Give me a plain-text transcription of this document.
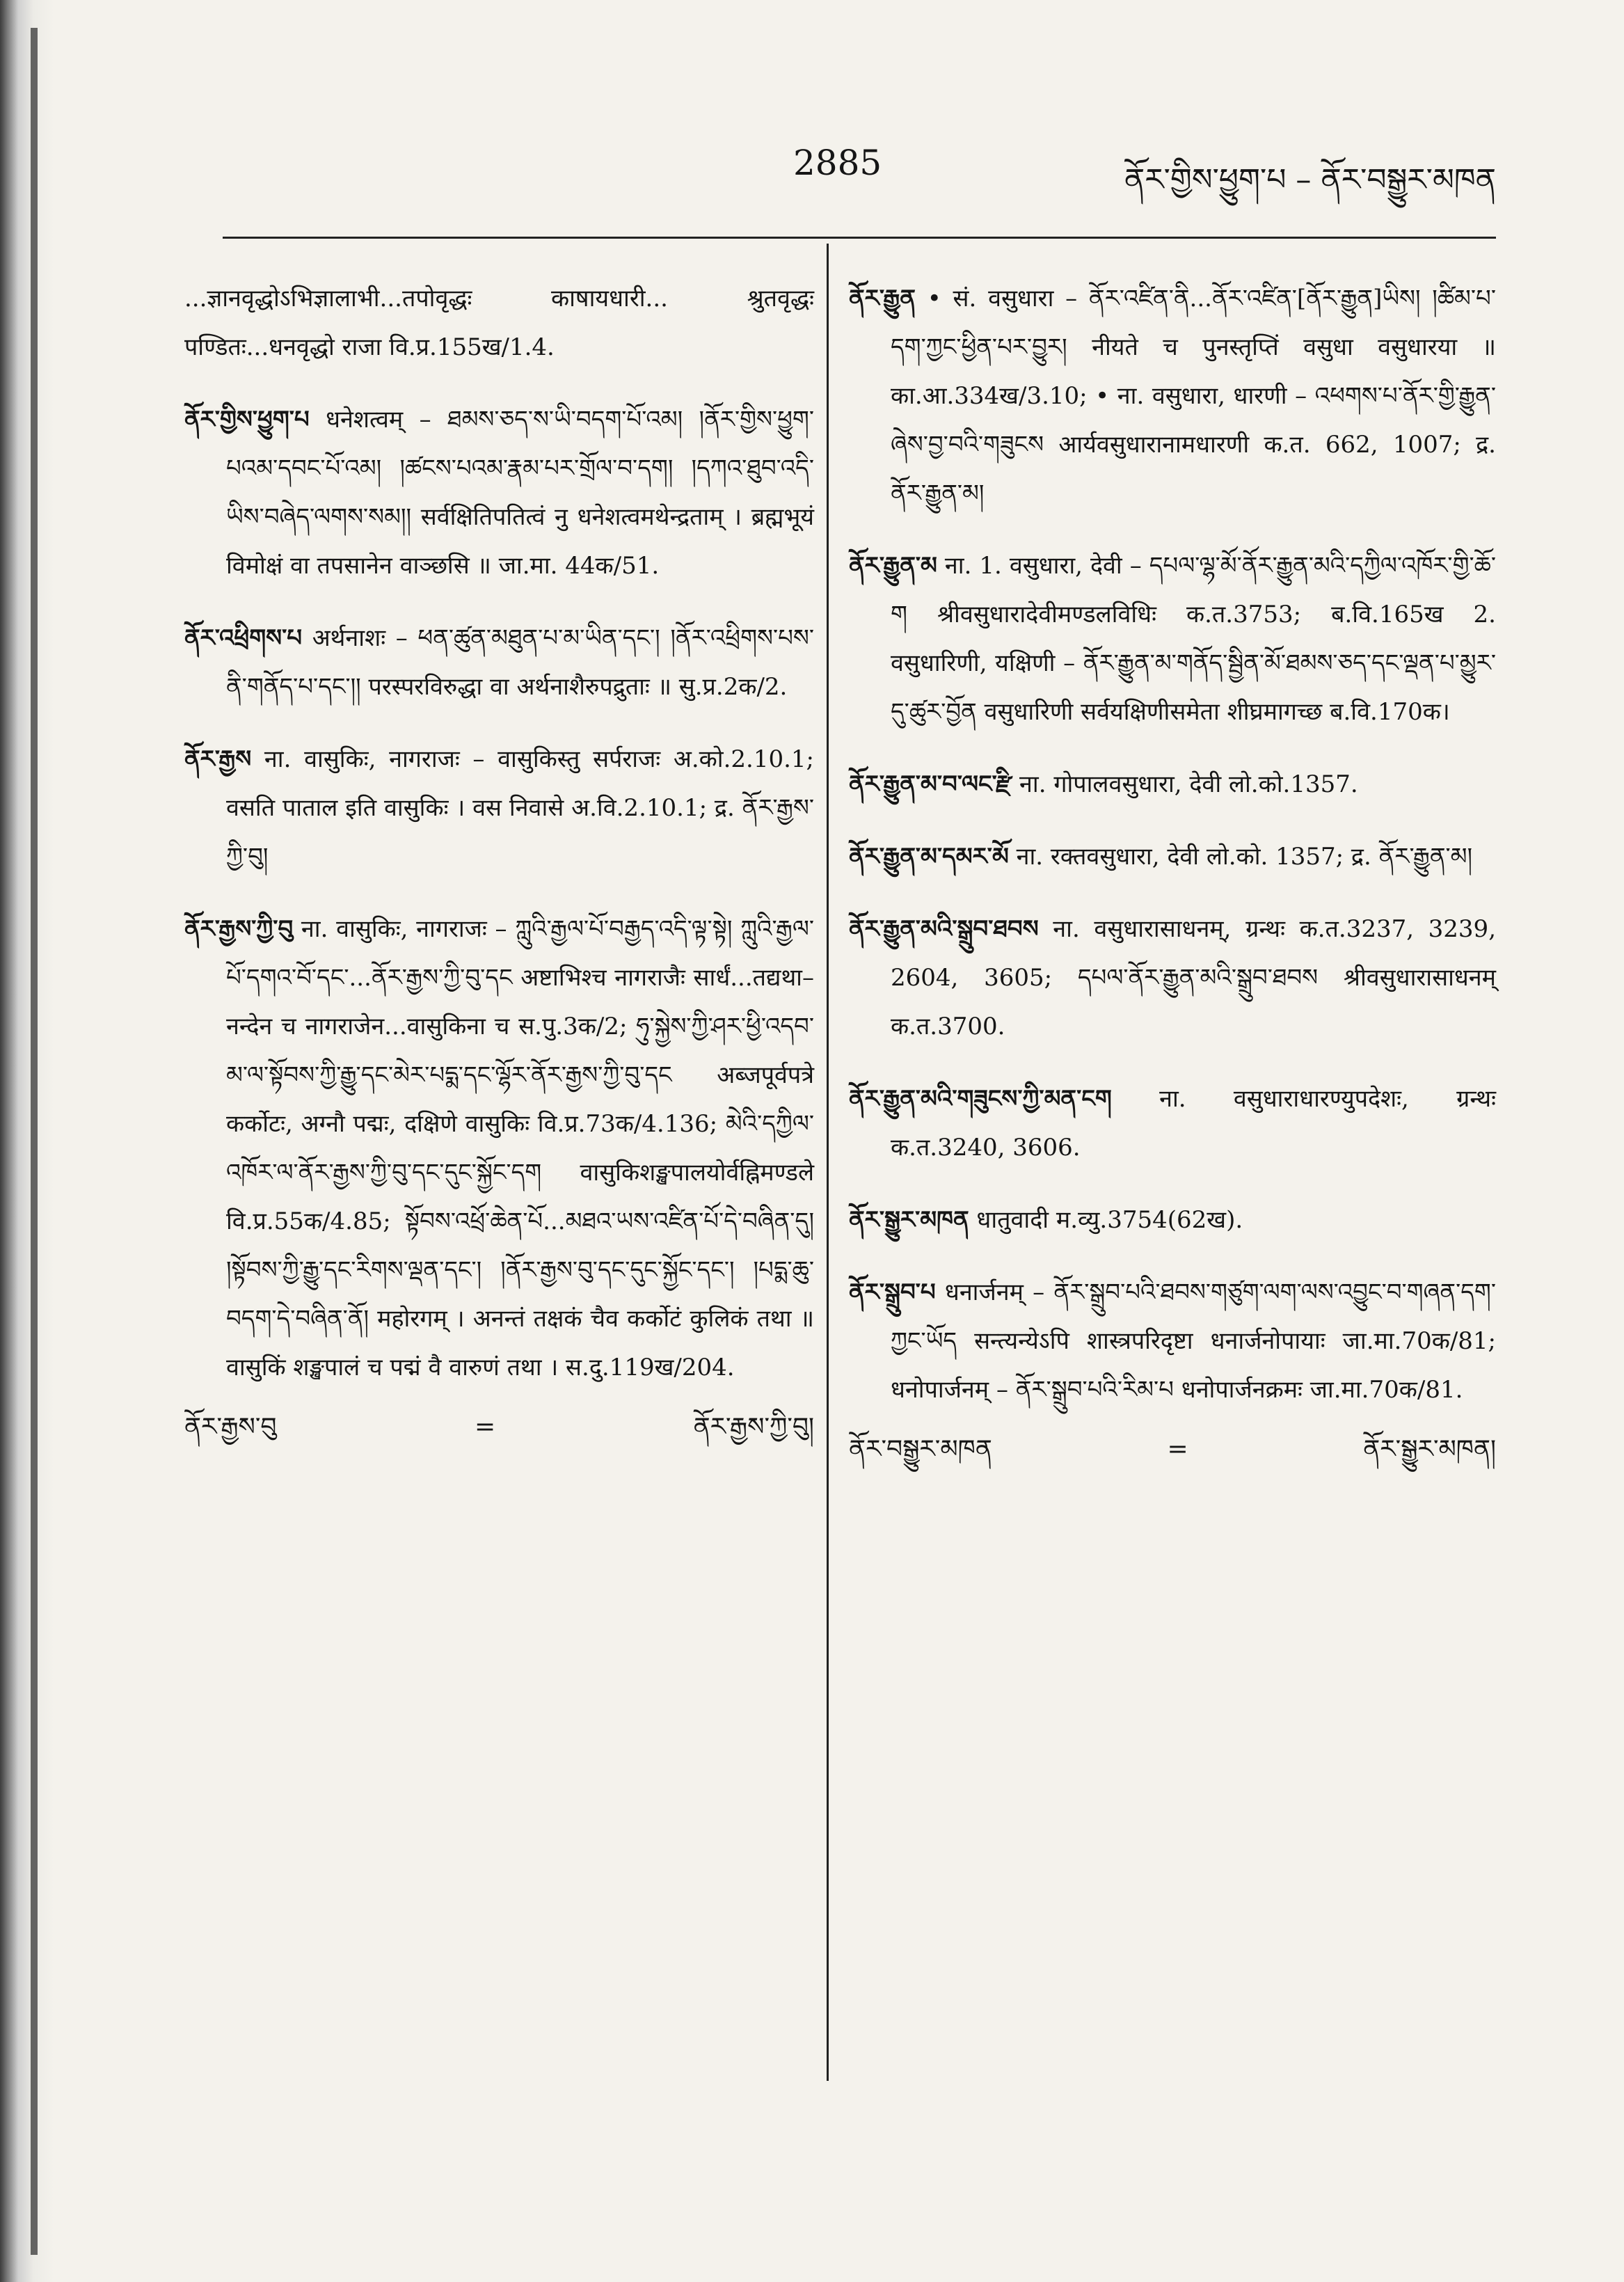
2885	ནོར་གྱིས་ཕྱུག་པ – ནོར་བསྒྱུར་མཁན

...ज्ञानवृद्धोऽभिज्ञालाभी...तपोवृद्धः काषायधारी... श्रुतवृद्धः पण्डितः...धनवृद्धो राजा वि.प्र.155ख/1.4.

ནོར་གྱིས་ཕྱུག་པ धनेशत्वम् – ཐམས་ཅད་ས་ཡི་བདག་པོ་འམ། །ནོར་གྱིས་ཕྱུག་པའམ་དབང་པོ་འམ། །ཚངས་པའམ་རྣམ་པར་གྲོལ་བ་དག། །དཀའ་ཐུབ་འདི་ཡིས་བཞེད་ལགས་སམ།། सर्वक्षितिपतित्वं नु धनेशत्वमथेन्द्रताम् । ब्रह्मभूयं विमोक्षं वा तपसानेन वाञ्छसि ॥ जा.मा. 44क/51.

ནོར་འཕྲིགས་པ अर्थनाशः – ཕན་ཚུན་མཐུན་པ་མ་ཡིན་དང་། །ནོར་འཕྲིགས་པས་ནི་གནོད་པ་དང་།། परस्परविरुद्धा वा अर्थनाशैरुपद्रुताः ॥ सु.प्र.2क/2.

ནོར་རྒྱས ना. वासुकिः, नागराजः – वासुकिस्तु सर्पराजः अ.को.2.10.1; वसति पाताल इति वासुकिः । वस निवासे अ.वि.2.10.1; द्र. ནོར་རྒྱས་ཀྱི་བུ།

ནོར་རྒྱས་ཀྱི་བུ ना. वासुकिः, नागराजः – ཀླུའི་རྒྱལ་པོ་བརྒྱད་འདི་ལྟ་སྟེ། ཀླུའི་རྒྱལ་པོ་དགའ་བོ་དང་...ནོར་རྒྱས་ཀྱི་བུ་དང अष्टाभिश्च नागराजैः सार्धं...तद्यथा–नन्देन च नागराजेन...वासुकिना च स.पु.3क/2; ཧུ་སྐྱེས་ཀྱི་ཤར་ཕྱི་འདབ་མ་ལ་སྟོབས་ཀྱི་རྒྱུ་དང་མེར་པདྨ་དང་ལྷོར་ནོར་རྒྱས་ཀྱི་བུ་དང अब्जपूर्वपत्रे कर्कोटः, अग्नौ पद्मः, दक्षिणे वासुकिः वि.प्र.73क/4.136; མེའི་དཀྱིལ་འཁོར་ལ་ནོར་རྒྱས་ཀྱི་བུ་དང་དུང་སྐྱོང་དག वासुकिशङ्खपालयोर्वह्निमण्डले वि.प्र.55क/4.85; སྟོབས་འཕྲོ་ཆེན་པོ...མཐའ་ཡས་འཛིན་པོ་དེ་བཞིན་དུ། །སྟོབས་ཀྱི་རྒྱུ་དང་རིགས་ལྡན་དང་། །ནོར་རྒྱས་བུ་དང་དུང་སྐྱོང་དང་། །པདྨ་ཆུ་བདག་དེ་བཞིན་ནོ། महोरगम् । अनन्तं तक्षकं चैव कर्कोटं कुलिकं तथा ॥ वासुकिं शङ्खपालं च पद्मं वै वारुणं तथा । स.दु.119ख/204.

ནོར་རྒྱས་བུ	=	ནོར་རྒྱས་ཀྱི་བུ།

ནོར་རྒྱུན • सं. वसुधारा – ནོར་འཛིན་ནི...ནོར་འཛིན་[ནོར་རྒྱུན]ཡིས། །ཚིམ་པ་དག་ཀྱང་ཕྱིན་པར་བྱུར། नीयते च पुनस्तृप्तिं वसुधा वसुधारया ॥ का.आ.334ख/3.10; • ना. वसुधारा, धारणी – འཕགས་པ་ནོར་གྱི་རྒྱུན་ཞེས་བྱ་བའི་གཟུངས आर्यवसुधारानामधारणी क.त. 662, 1007; द्र. ནོར་རྒྱུན་མ།

ནོར་རྒྱུན་མ ना. 1. वसुधारा, देवी – དཔལ་ལྷ་མོ་ནོར་རྒྱུན་མའི་དཀྱིལ་འཁོར་གྱི་ཆོ་ག श्रीवसुधारादेवीमण्डलविधिः क.त.3753; ब.वि.165ख 2. वसुधारिणी, यक्षिणी – ནོར་རྒྱུན་མ་གནོད་སྦྱིན་མོ་ཐམས་ཅད་དང་ལྡན་པ་མྱུར་དུ་ཚུར་བྱོན वसुधारिणी सर्वयक्षिणीसमेता शीघ्रमागच्छ ब.वि.170क।

ནོར་རྒྱུན་མ་བ་ལང་རྫི ना. गोपालवसुधारा, देवी लो.को.1357.

ནོར་རྒྱུན་མ་དམར་མོ ना. रक्तवसुधारा, देवी लो.को. 1357; द्र. ནོར་རྒྱུན་མ།

ནོར་རྒྱུན་མའི་སྒྲུབ་ཐབས ना. वसुधारासाधनम्, ग्रन्थः क.त.3237, 3239, 2604, 3605; དཔལ་ནོར་རྒྱུན་མའི་སྒྲུབ་ཐབས श्रीवसुधारासाधनम् क.त.3700.

ནོར་རྒྱུན་མའི་གཟུངས་ཀྱི་མན་ངག ना. वसुधाराधारण्युपदेशः, ग्रन्थः क.त.3240, 3606.

ནོར་སྒྱུར་མཁན धातुवादी म.व्यु.3754(62ख).

ནོར་སྒྲུབ་པ धनार्जनम् – ནོར་སྒྲུབ་པའི་ཐབས་གཙུག་ལག་ལས་འབྱུང་བ་གཞན་དག་ཀྱང་ཡོད सन्त्यन्येऽपि शास्त्रपरिदृष्टा धनार्जनोपायाः जा.मा.70क/81; धनोपार्जनम् – ནོར་སྒྲུབ་པའི་རིམ་པ धनोपार्जनक्रमः जा.मा.70क/81.

ནོར་བསྒྱུར་མཁན	=	ནོར་སྒྱུར་མཁན།
